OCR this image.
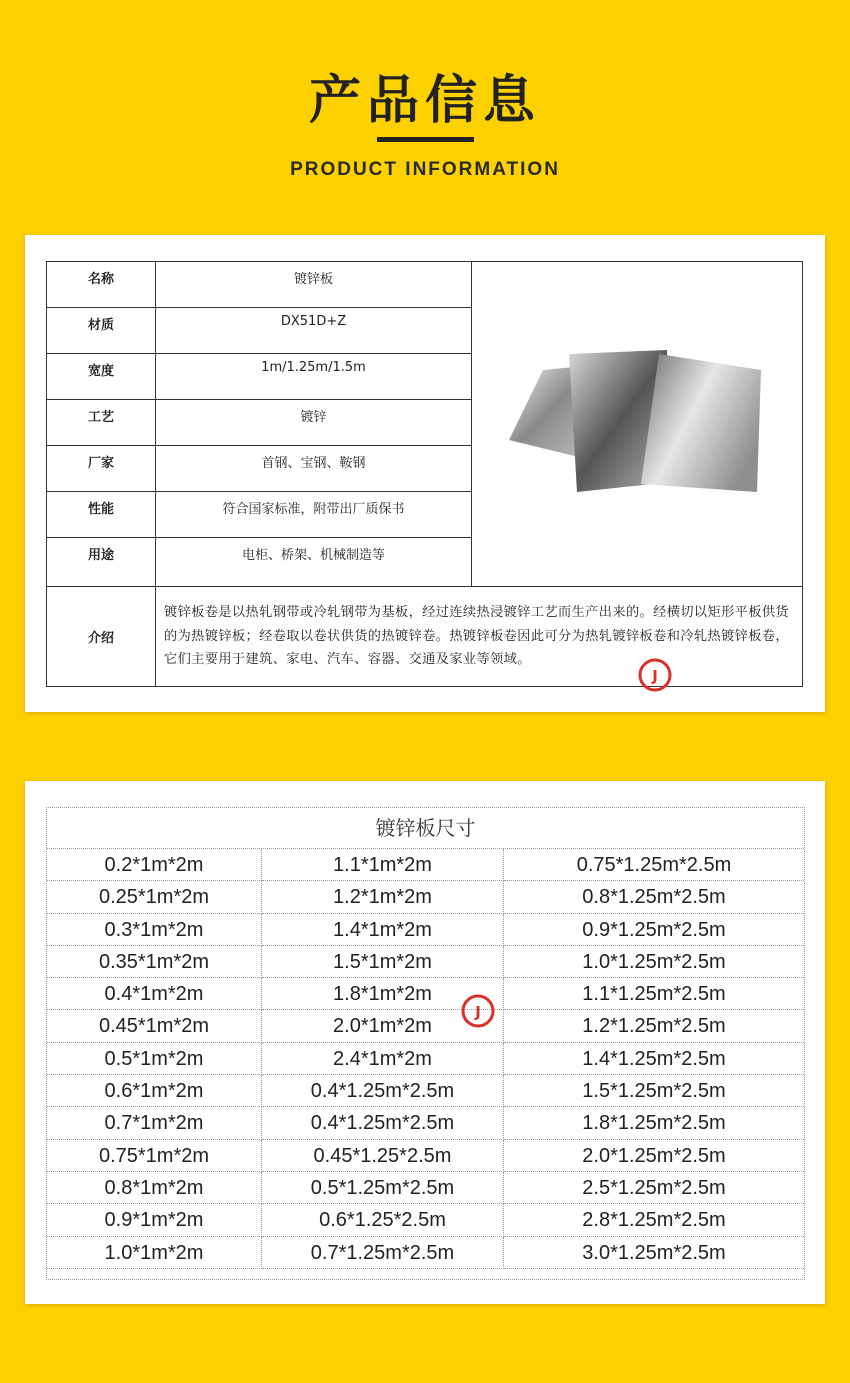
产品信息
PRODUCT INFORMATION
名称	镀锌板	J

材质	DX51D+Z	
宽度	1m/1.25m/1.5m	
工艺	镀锌	
厂家	首钢、宝钢、鞍钢	
性能	符合国家标准，附带出厂质保书	
用途	电柜、桥架、机械制造等	
介绍	镀锌板卷是以热轧钢带或冷轧钢带为基板，经过连续热浸镀锌工艺而生产出来的。经横切以矩形平板供货的为热镀锌板；经卷取以卷状供货的热镀锌卷。热镀锌板卷因此可分为热轧镀锌板卷和冷轧热镀锌板卷，它们主要用于建筑、家电、汽车、容器、交通及家业等领域。	
镀锌板尺寸
0.2*1m*2m	1.1*1m*2m	0.75*1.25m*2.5m
0.25*1m*2m	1.2*1m*2m	0.8*1.25m*2.5m
0.3*1m*2m	1.4*1m*2m	0.9*1.25m*2.5m
0.35*1m*2m	1.5*1m*2m	1.0*1.25m*2.5m
0.4*1m*2m	1.8*1m*2m	1.1*1.25m*2.5m
0.45*1m*2m	2.0*1m*2m	1.2*1.25m*2.5m
0.5*1m*2m	2.4*1m*2m	1.4*1.25m*2.5m
0.6*1m*2m	0.4*1.25m*2.5m	1.5*1.25m*2.5m
0.7*1m*2m	0.4*1.25m*2.5m	1.8*1.25m*2.5m
0.75*1m*2m	0.45*1.25*2.5m	2.0*1.25m*2.5m
0.8*1m*2m	0.5*1.25m*2.5m	2.5*1.25m*2.5m
0.9*1m*2m	0.6*1.25*2.5m	2.8*1.25m*2.5m
1.0*1m*2m	0.7*1.25m*2.5m	3.0*1.25m*2.5m
J
